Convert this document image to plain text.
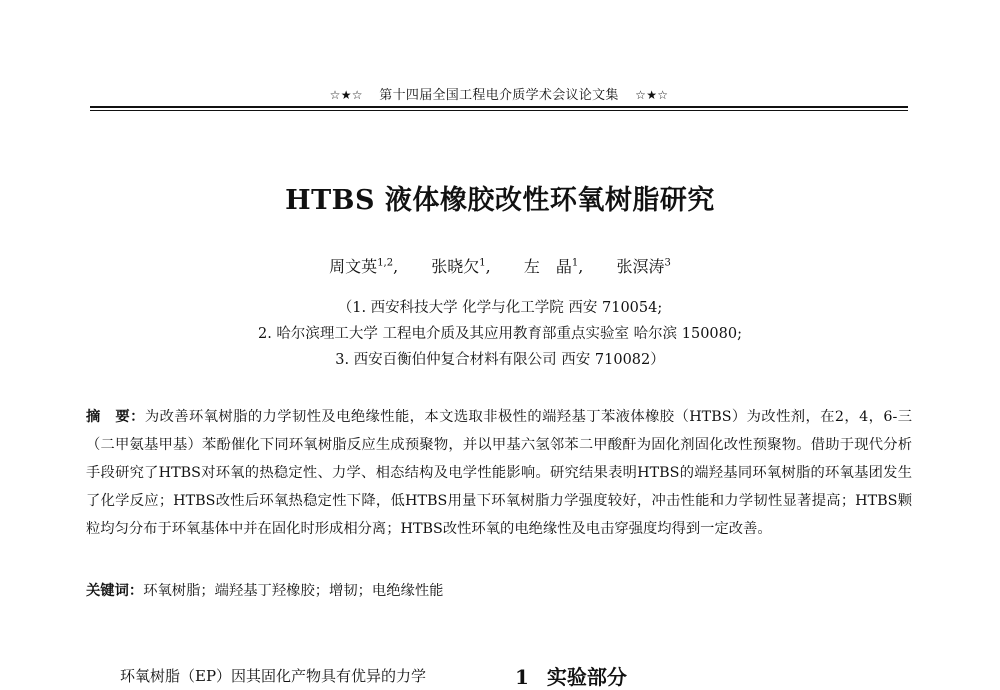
☆★☆ 第十四届全国工程电介质学术会议论文集 ☆★☆
HTBS 液体橡胶改性环氧树脂研究
周文英$^{1,2}$, 张晓欠$^1$, 左　晶$^1$, 张溟涛$^3$
（1. 西安科技大学 化学与化工学院 西安 710054;
2. 哈尔滨理工大学 工程电介质及其应用教育部重点实验室 哈尔滨 150080;
3. 西安百衡伯仲复合材料有限公司 西安 710082）
摘　要：为改善环氧树脂的力学韧性及电绝缘性能，本文选取非极性的端羟基丁苯液体橡胶（HTBS）为改性剂，在2，4，6-三（二甲氨基甲基）苯酚催化下同环氧树脂反应生成预聚物，并以甲基六氢邻苯二甲酸酐为固化剂固化改性预聚物。借助于现代分析手段研究了HTBS对环氧的热稳定性、力学、相态结构及电学性能影响。研究结果表明HTBS的端羟基同环氧树脂的环氧基团发生了化学反应；HTBS改性后环氧热稳定性下降，低HTBS用量下环氧树脂力学强度较好，冲击性能和力学韧性显著提高；HTBS颗粒均匀分布于环氧基体中并在固化时形成相分离；HTBS改性环氧的电绝缘性及电击穿强度均得到一定改善。
关键词：环氧树脂；端羟基丁羟橡胶；增韧；电绝缘性能
环氧树脂（EP）因其固化产物具有优异的力学	1 实验部分
